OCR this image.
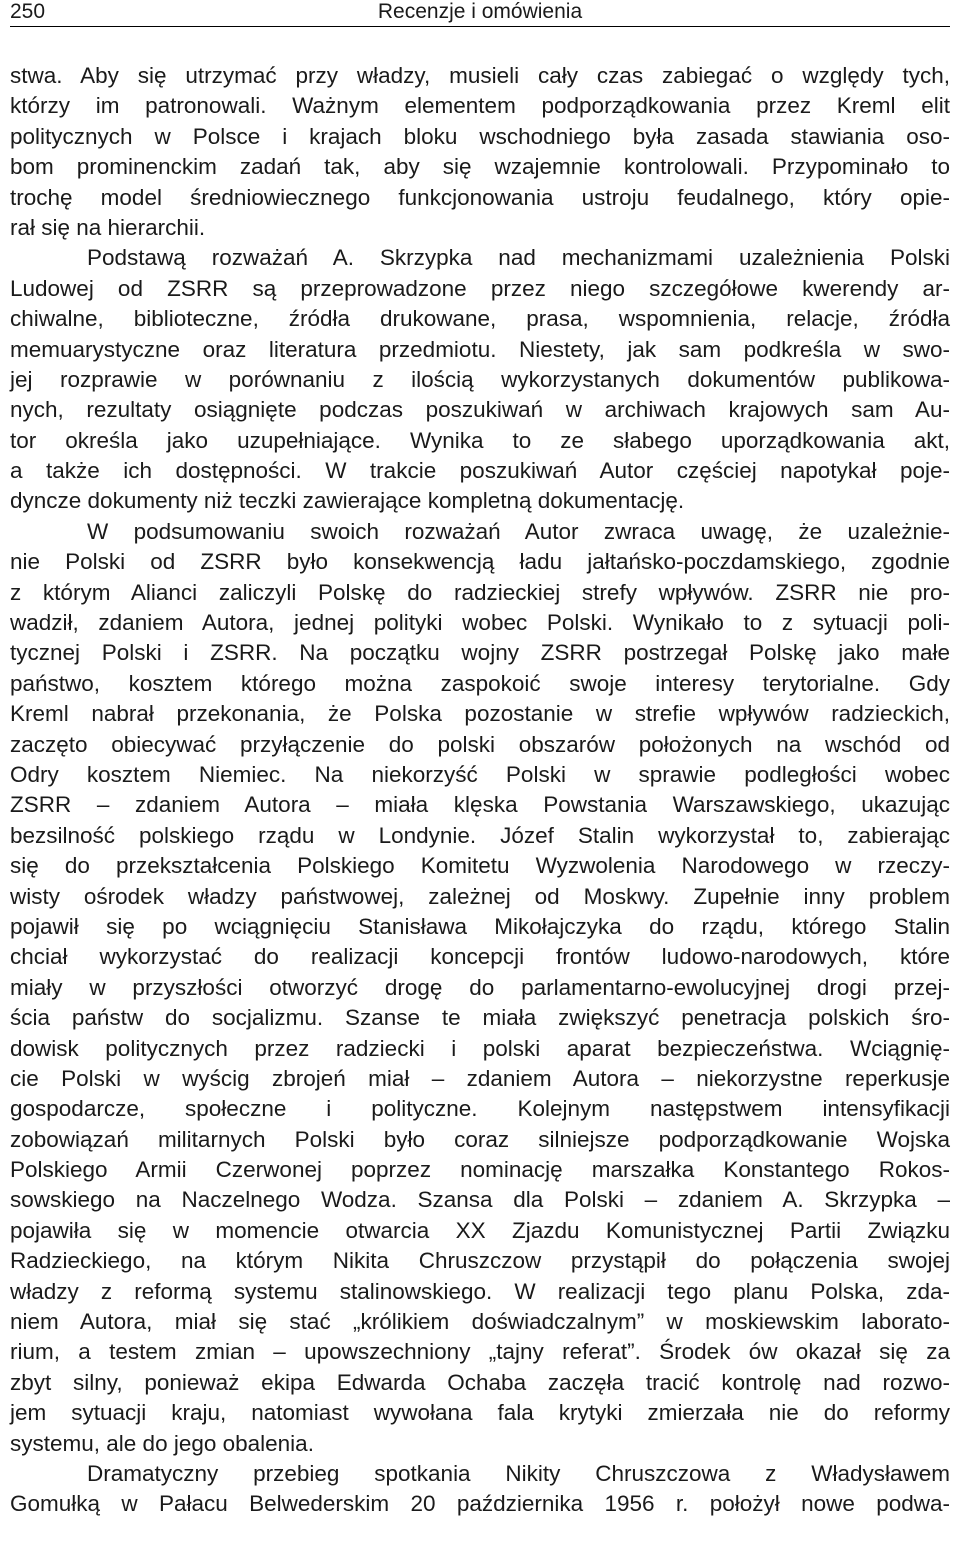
250	Recenzje i omówienia
stwa. Aby się utrzymać przy władzy, musieli cały czas zabiegać o względy tych,
którzy im patronowali. Ważnym elementem podporządkowania przez Kreml elit
politycznych w Polsce i krajach bloku wschodniego była zasada stawiania oso-
bom prominenckim zadań tak, aby się wzajemnie kontrolowali. Przypominało to
trochę model średniowiecznego funkcjonowania ustroju feudalnego, który opie-
rał się na hierarchii.
Podstawą rozważań A. Skrzypka nad mechanizmami uzależnienia Polski
Ludowej od ZSRR są przeprowadzone przez niego szczegółowe kwerendy ar-
chiwalne, biblioteczne, źródła drukowane, prasa, wspomnienia, relacje, źródła
memuarystyczne oraz literatura przedmiotu. Niestety, jak sam podkreśla w swo-
jej rozprawie w porównaniu z ilością wykorzystanych dokumentów publikowa-
nych, rezultaty osiągnięte podczas poszukiwań w archiwach krajowych sam Au-
tor określa jako uzupełniające. Wynika to ze słabego uporządkowania akt,
a także ich dostępności. W trakcie poszukiwań Autor częściej napotykał poje-
dyncze dokumenty niż teczki zawierające kompletną dokumentację.
W podsumowaniu swoich rozważań Autor zwraca uwagę, że uzależnie-
nie Polski od ZSRR było konsekwencją ładu jałtańsko-poczdamskiego, zgodnie
z którym Alianci zaliczyli Polskę do radzieckiej strefy wpływów. ZSRR nie pro-
wadził, zdaniem Autora, jednej polityki wobec Polski. Wynikało to z sytuacji poli-
tycznej Polski i ZSRR. Na początku wojny ZSRR postrzegał Polskę jako małe
państwo, kosztem którego można zaspokoić swoje interesy terytorialne. Gdy
Kreml nabrał przekonania, że Polska pozostanie w strefie wpływów radzieckich,
zaczęto obiecywać przyłączenie do polski obszarów położonych na wschód od
Odry kosztem Niemiec. Na niekorzyść Polski w sprawie podległości wobec
ZSRR – zdaniem Autora – miała klęska Powstania Warszawskiego, ukazując
bezsilność polskiego rządu w Londynie. Józef Stalin wykorzystał to, zabierając
się do przekształcenia Polskiego Komitetu Wyzwolenia Narodowego w rzeczy-
wisty ośrodek władzy państwowej, zależnej od Moskwy. Zupełnie inny problem
pojawił się po wciągnięciu Stanisława Mikołajczyka do rządu, którego Stalin
chciał wykorzystać do realizacji koncepcji frontów ludowo-narodowych, które
miały w przyszłości otworzyć drogę do parlamentarno-ewolucyjnej drogi przej-
ścia państw do socjalizmu. Szanse te miała zwiększyć penetracja polskich śro-
dowisk politycznych przez radziecki i polski aparat bezpieczeństwa. Wciągnię-
cie Polski w wyścig zbrojeń miał – zdaniem Autora – niekorzystne reperkusje
gospodarcze, społeczne i polityczne. Kolejnym następstwem intensyfikacji
zobowiązań militarnych Polski było coraz silniejsze podporządkowanie Wojska
Polskiego Armii Czerwonej poprzez nominację marszałka Konstantego Rokos-
sowskiego na Naczelnego Wodza. Szansa dla Polski – zdaniem A. Skrzypka –
pojawiła się w momencie otwarcia XX Zjazdu Komunistycznej Partii Związku
Radzieckiego, na którym Nikita Chruszczow przystąpił do połączenia swojej
władzy z reformą systemu stalinowskiego. W realizacji tego planu Polska, zda-
niem Autora, miał się stać „królikiem doświadczalnym” w moskiewskim laborato-
rium, a testem zmian – upowszechniony „tajny referat”. Środek ów okazał się za
zbyt silny, ponieważ ekipa Edwarda Ochaba zaczęła tracić kontrolę nad rozwo-
jem sytuacji kraju, natomiast wywołana fala krytyki zmierzała nie do reformy
systemu, ale do jego obalenia.
Dramatyczny przebieg spotkania Nikity Chruszczowa z Władysławem
Gomułką w Pałacu Belwederskim 20 października 1956 r. położył nowe podwa-
